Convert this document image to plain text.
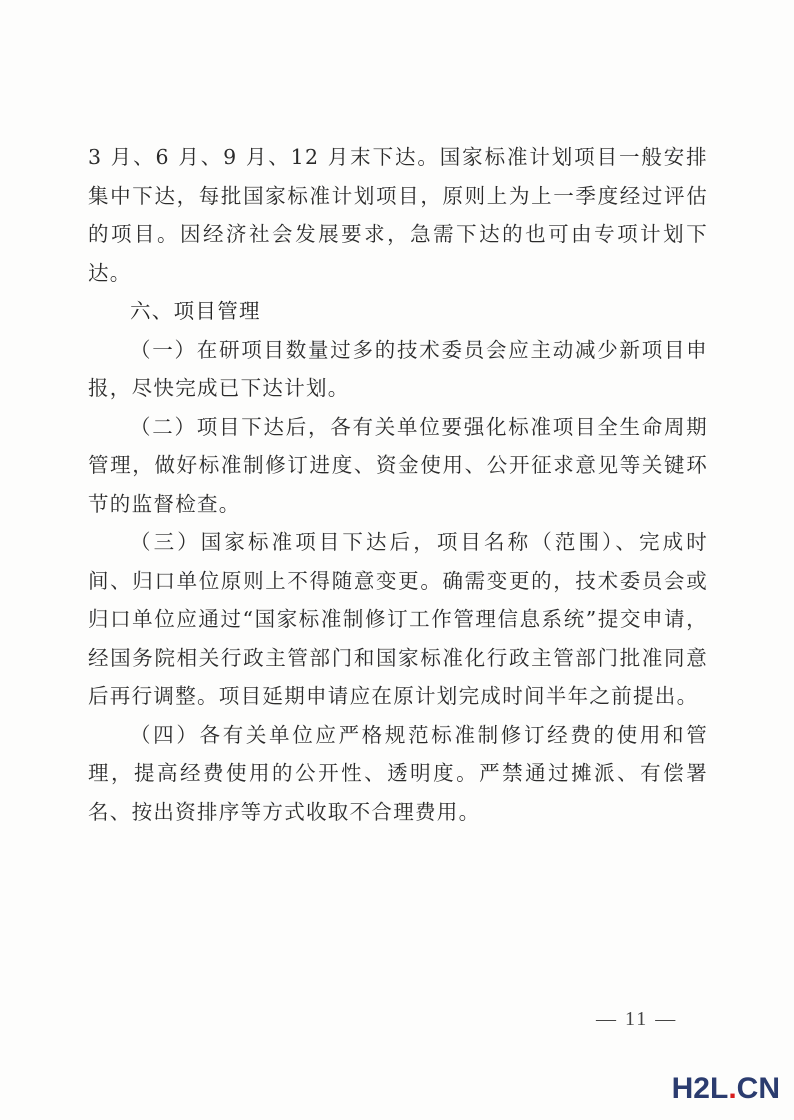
3 月、6 月、9 月、12 月末下达。国家标准计划项目一般安排集中下达，每批国家标准计划项目，原则上为上一季度经过评估的项目。因经济社会发展要求，急需下达的也可由专项计划下达。

六、项目管理

（一）在研项目数量过多的技术委员会应主动减少新项目申报，尽快完成已下达计划。

（二）项目下达后，各有关单位要强化标准项目全生命周期管理，做好标准制修订进度、资金使用、公开征求意见等关键环节的监督检查。

（三）国家标准项目下达后，项目名称（范围）、完成时间、归口单位原则上不得随意变更。确需变更的，技术委员会或归口单位应通过“国家标准制修订工作管理信息系统”提交申请，经国务院相关行政主管部门和国家标准化行政主管部门批准同意后再行调整。项目延期申请应在原计划完成时间半年之前提出。

（四）各有关单位应严格规范标准制修订经费的使用和管理，提高经费使用的公开性、透明度。严禁通过摊派、有偿署名、按出资排序等方式收取不合理费用。

— 11 —
H2L.CN
